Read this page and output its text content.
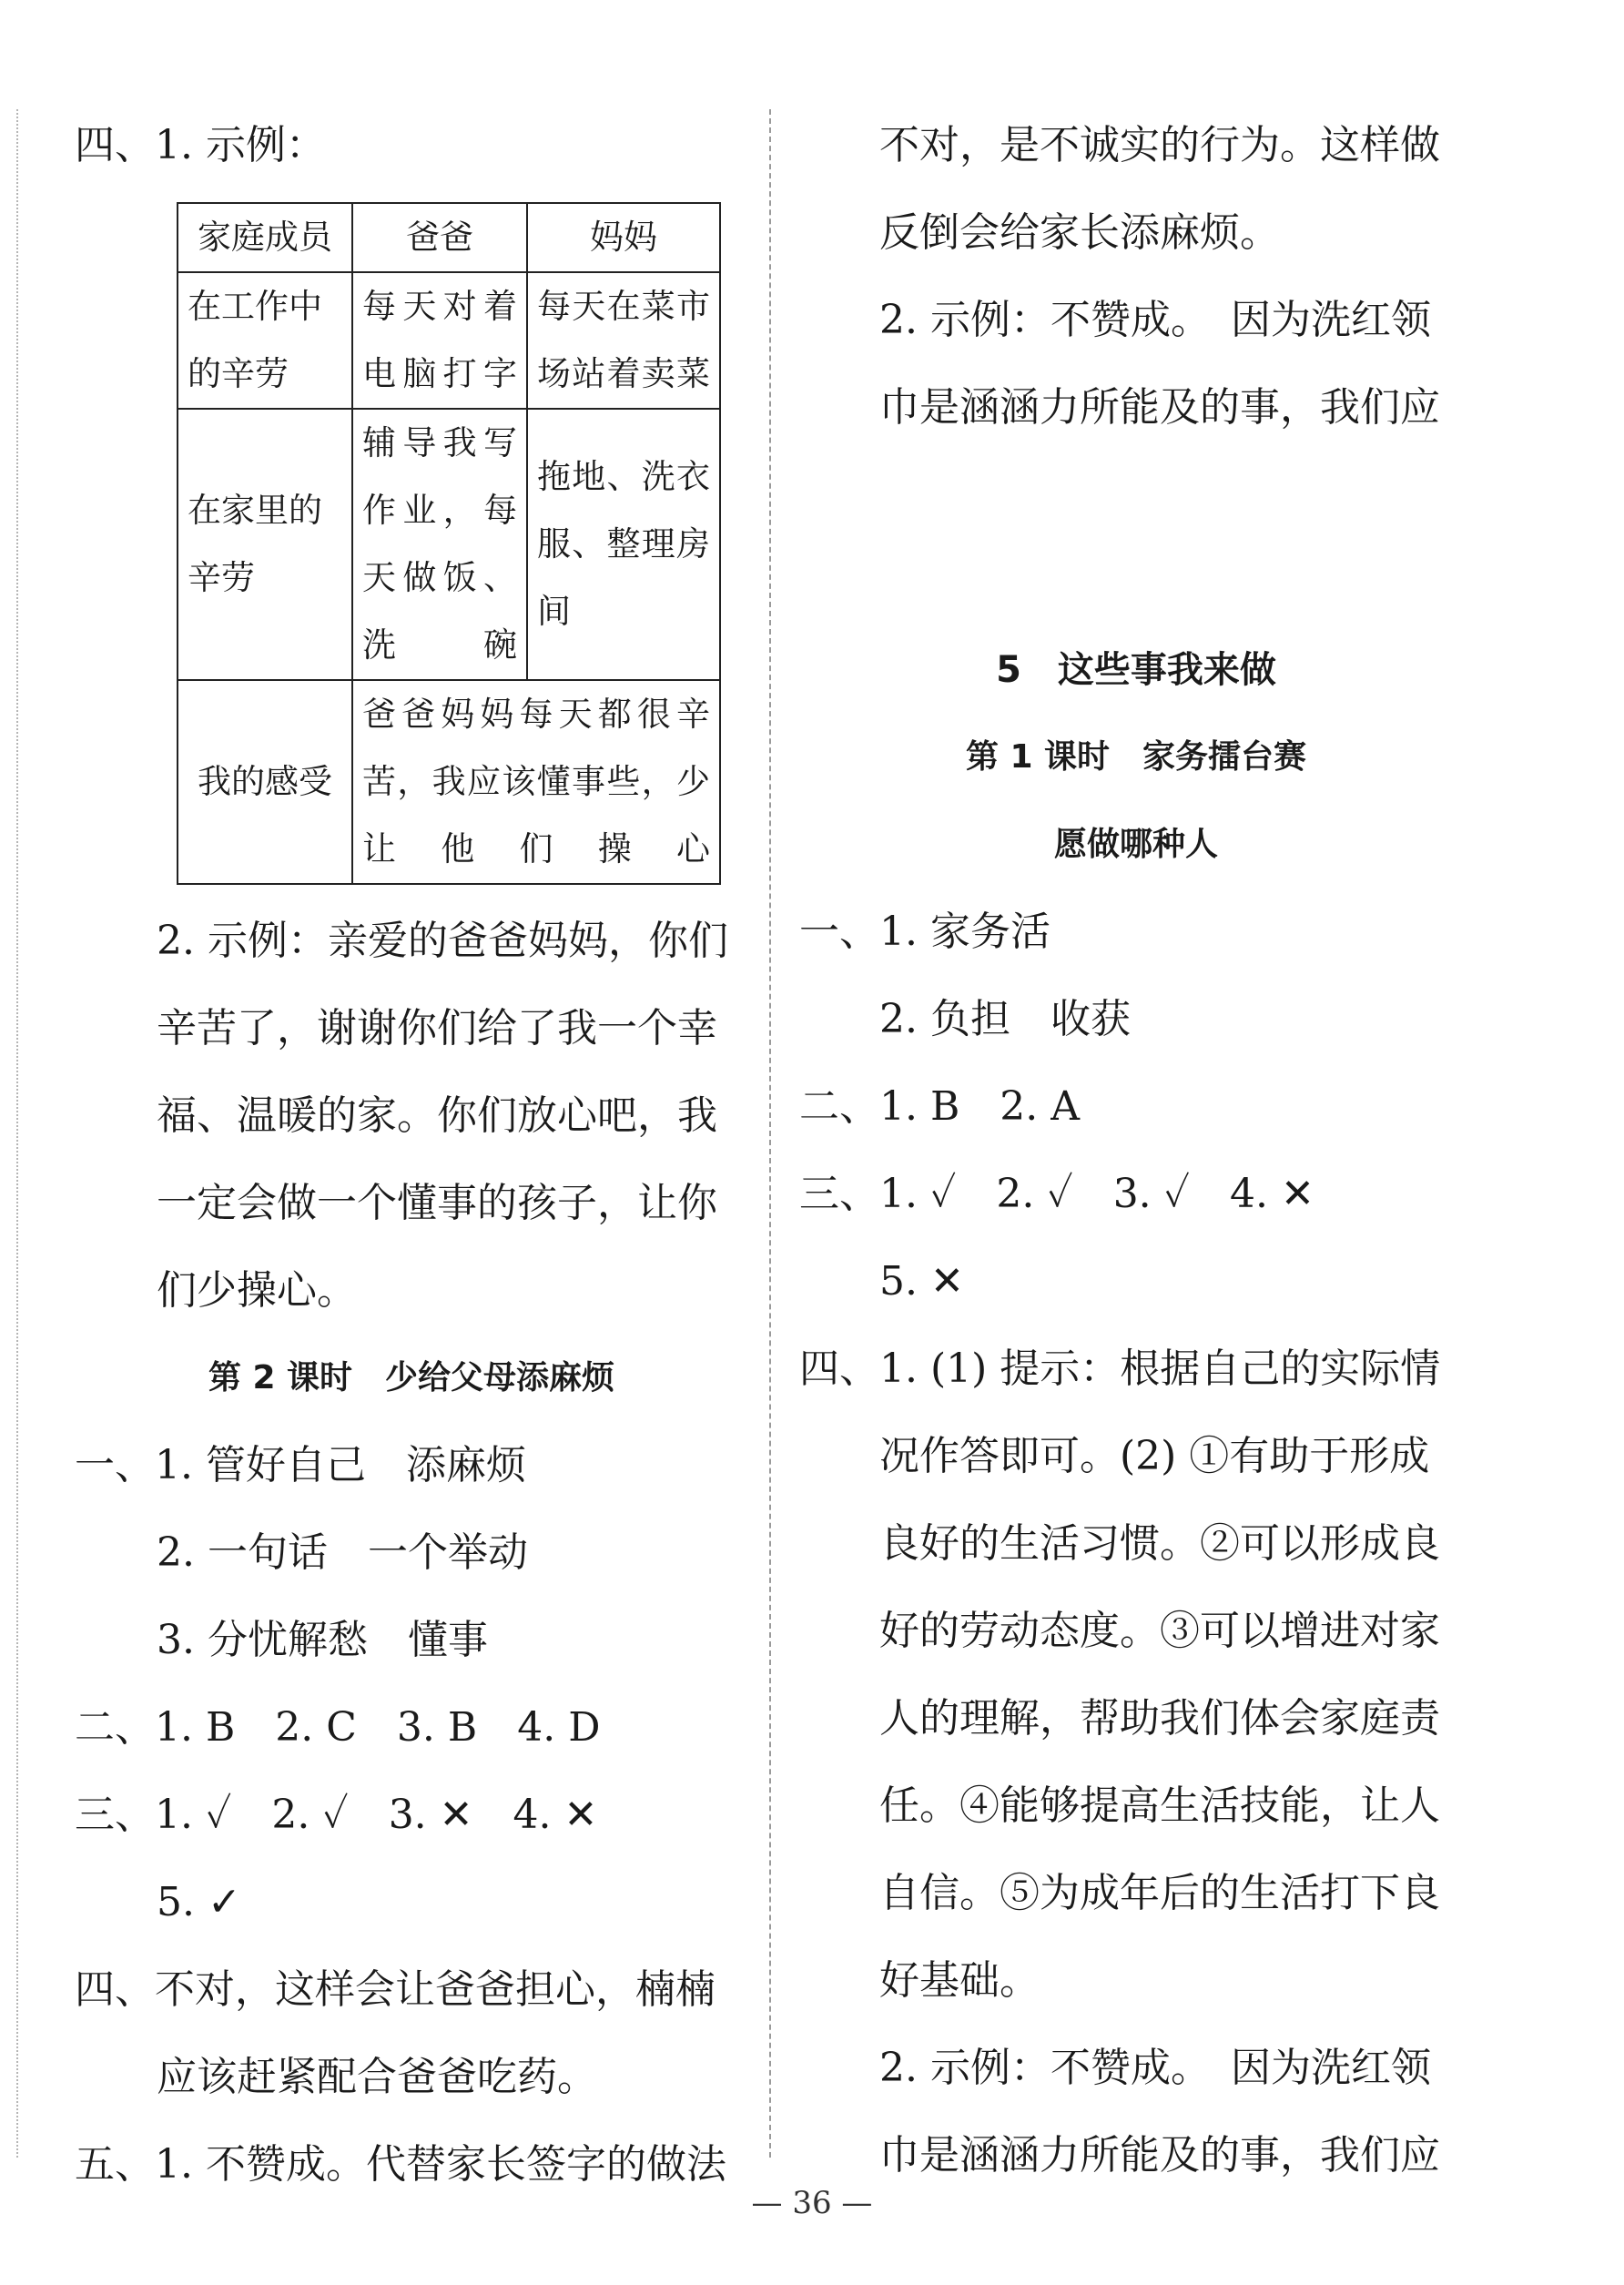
四、1. 示例：
家庭成员	爸爸	妈妈
在工作中的辛劳	每天对着电脑打字	每天在菜市场站着卖菜
在家里的辛劳	辅导我写作业，每天做饭、洗碗	拖地、洗衣服、整理房间
我的感受	爸爸妈妈每天都很辛苦，我应该懂事些，少让他们操心	
2. 示例：亲爱的爸爸妈妈，你们
辛苦了，谢谢你们给了我一个幸
福、温暖的家。你们放心吧，我
一定会做一个懂事的孩子，让你
们少操心。
第 2 课时　少给父母添麻烦
一、1. 管好自己　添麻烦
2. 一句话　一个举动
3. 分忧解愁　懂事
二、1. B　2. C　3. B　4. D
三、1. ✓　2. ✓　3. ✕　4. ✕
5. ✓
四、不对，这样会让爸爸担心，楠楠
应该赶紧配合爸爸吃药。
五、1. 不赞成。代替家长签字的做法
不对，是不诚实的行为。这样做
反倒会给家长添麻烦。
2. 示例：不赞成。　因为洗红领
巾是涵涵力所能及的事，我们应
5　这些事我来做
第 1 课时　家务擂台赛
愿做哪种人
一、1. 家务活
2. 负担　收获
二、1. B　2. A
三、1. ✓　2. ✓　3. ✓　4. ✕
5. ✕
四、1. (1) 提示：根据自己的实际情
况作答即可。(2) ①有助于形成
良好的生活习惯。②可以形成良
好的劳动态度。③可以增进对家
人的理解，帮助我们体会家庭责
任。④能够提高生活技能，让人
自信。⑤为成年后的生活打下良
好基础。
2. 示例：不赞成。　因为洗红领
巾是涵涵力所能及的事，我们应
— 36 —
